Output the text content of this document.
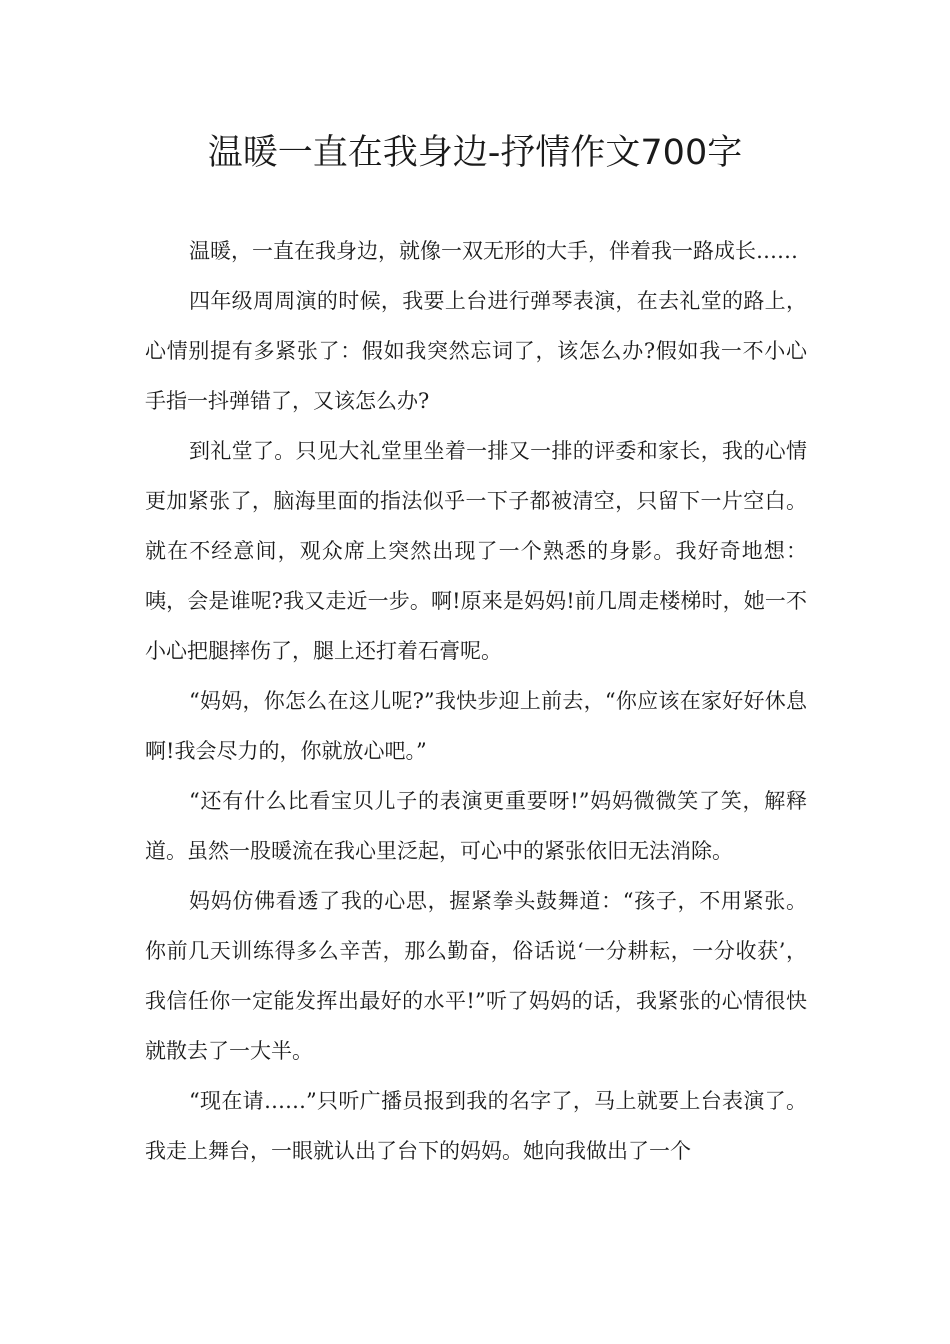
温暖一直在我身边-抒情作文700字

温暖，一直在我身边，就像一双无形的大手，伴着我一路成长……

四年级周周演的时候，我要上台进行弹琴表演，在去礼堂的路上，心情别提有多紧张了：假如我突然忘词了，该怎么办?假如我一不小心手指一抖弹错了，又该怎么办?

到礼堂了。只见大礼堂里坐着一排又一排的评委和家长，我的心情更加紧张了，脑海里面的指法似乎一下子都被清空，只留下一片空白。就在不经意间，观众席上突然出现了一个熟悉的身影。我好奇地想：咦，会是谁呢?我又走近一步。啊!原来是妈妈!前几周走楼梯时，她一不小心把腿摔伤了，腿上还打着石膏呢。

“妈妈，你怎么在这儿呢?”我快步迎上前去，“你应该在家好好休息啊!我会尽力的，你就放心吧。”

“还有什么比看宝贝儿子的表演更重要呀!”妈妈微微笑了笑，解释道。虽然一股暖流在我心里泛起，可心中的紧张依旧无法消除。

妈妈仿佛看透了我的心思，握紧拳头鼓舞道：“孩子，不用紧张。你前几天训练得多么辛苦，那么勤奋，俗话说‘一分耕耘，一分收获’，我信任你一定能发挥出最好的水平!”听了妈妈的话，我紧张的心情很快就散去了一大半。

“现在请……”只听广播员报到我的名字了，马上就要上台表演了。我走上舞台，一眼就认出了台下的妈妈。她向我做出了一个
